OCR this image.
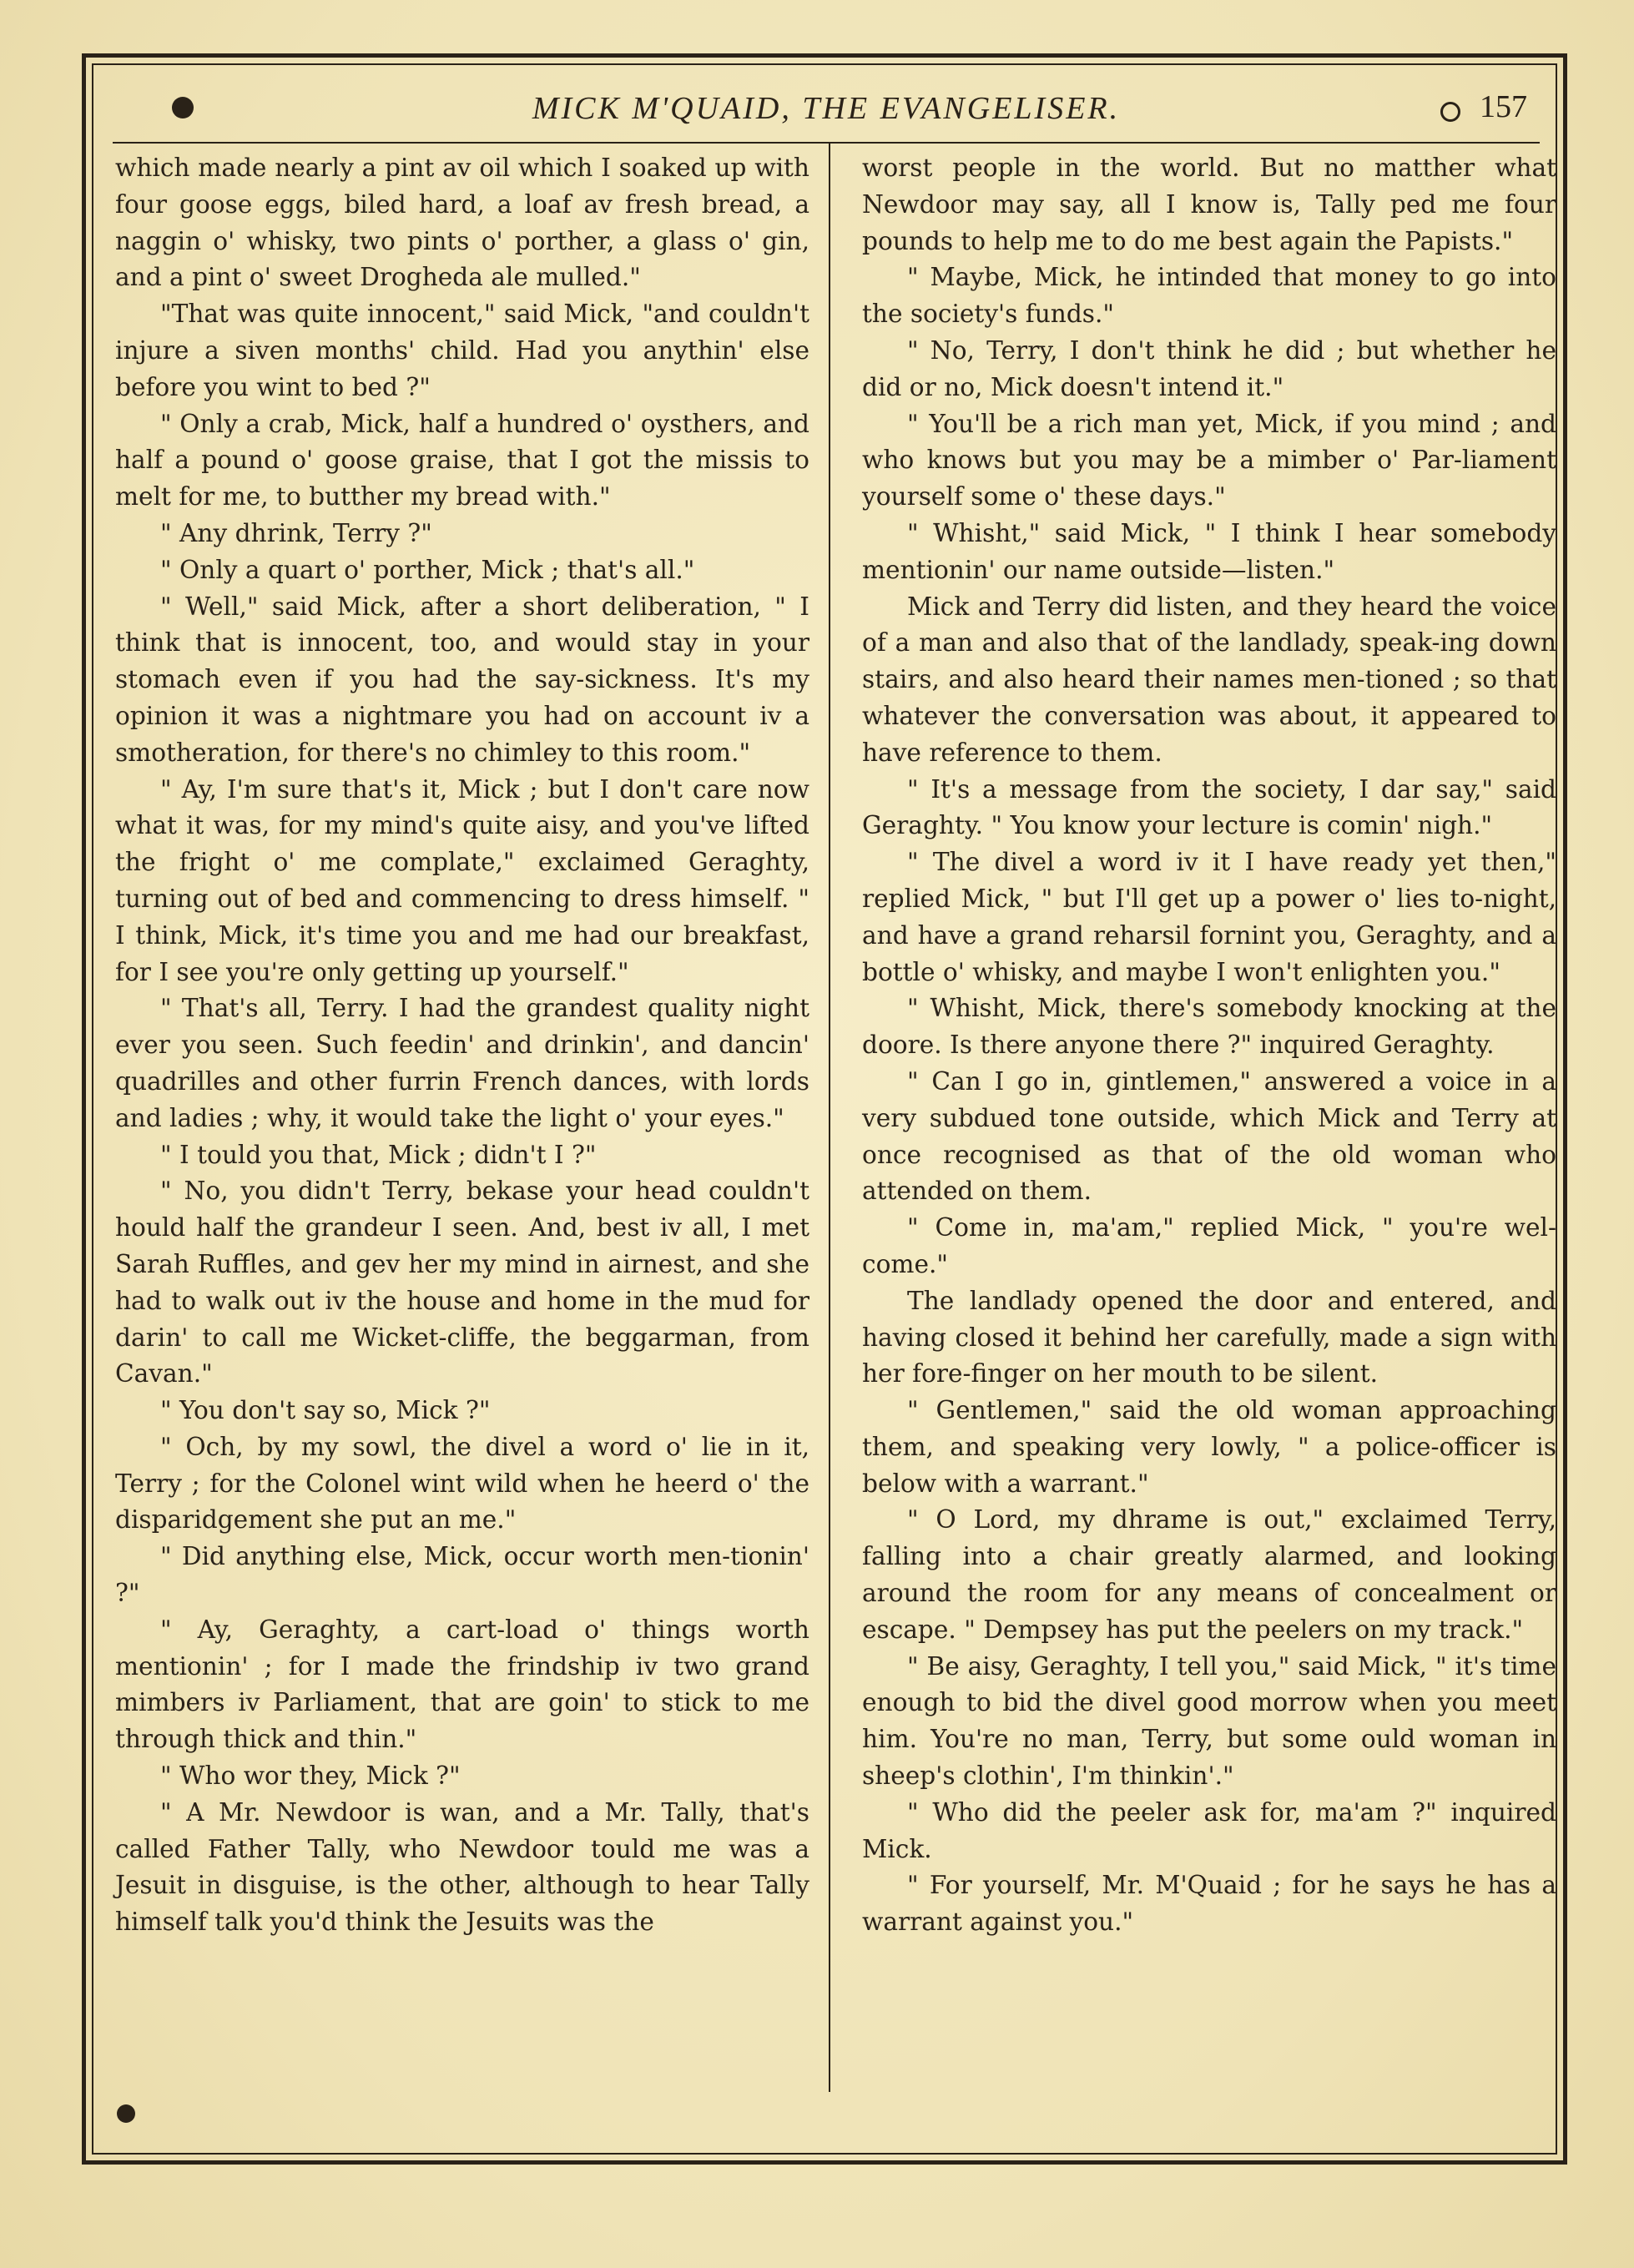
MICK M'QUAID, THE EVANGELISER.	157

which made nearly a pint av oil which I soaked up with four goose eggs, biled hard, a loaf av fresh bread, a naggin o' whisky, two pints o' porther, a glass o' gin, and a pint o' sweet Drogheda ale mulled."

"That was quite innocent," said Mick, "and couldn't injure a siven months' child. Had you anythin' else before you wint to bed ?"

" Only a crab, Mick, half a hundred o' oysthers, and half a pound o' goose graise, that I got the missis to melt for me, to butther my bread with."

" Any dhrink, Terry ?"

" Only a quart o' porther, Mick ; that's all."

" Well," said Mick, after a short deliberation, " I think that is innocent, too, and would stay in your stomach even if you had the say-sickness. It's my opinion it was a nightmare you had on account iv a smotheration, for there's no chimley to this room."

" Ay, I'm sure that's it, Mick ; but I don't care now what it was, for my mind's quite aisy, and you've lifted the fright o' me complate," exclaimed Geraghty, turning out of bed and commencing to dress himself. " I think, Mick, it's time you and me had our breakfast, for I see you're only getting up yourself."

" That's all, Terry. I had the grandest quality night ever you seen. Such feedin' and drinkin', and dancin' quadrilles and other furrin French dances, with lords and ladies ; why, it would take the light o' your eyes."

" I tould you that, Mick ; didn't I ?"

" No, you didn't Terry, bekase your head couldn't hould half the grandeur I seen. And, best iv all, I met Sarah Ruffles, and gev her my mind in airnest, and she had to walk out iv the house and home in the mud for darin' to call me Wicket-cliffe, the beggarman, from Cavan."

" You don't say so, Mick ?"

" Och, by my sowl, the divel a word o' lie in it, Terry ; for the Colonel wint wild when he heerd o' the disparidgement she put an me."

" Did anything else, Mick, occur worth men-tionin' ?"

" Ay, Geraghty, a cart-load o' things worth mentionin' ; for I made the frindship iv two grand mimbers iv Parliament, that are goin' to stick to me through thick and thin."

" Who wor they, Mick ?"

" A Mr. Newdoor is wan, and a Mr. Tally, that's called Father Tally, who Newdoor tould me was a Jesuit in disguise, is the other, although to hear Tally himself talk you'd think the Jesuits was the

worst people in the world. But no matther what Newdoor may say, all I know is, Tally ped me four pounds to help me to do me best again the Papists."

" Maybe, Mick, he intinded that money to go into the society's funds."

" No, Terry, I don't think he did ; but whether he did or no, Mick doesn't intend it."

" You'll be a rich man yet, Mick, if you mind ; and who knows but you may be a mimber o' Par-liament yourself some o' these days."

" Whisht," said Mick, " I think I hear somebody mentionin' our name outside—listen."

Mick and Terry did listen, and they heard the voice of a man and also that of the landlady, speak-ing down stairs, and also heard their names men-tioned ; so that whatever the conversation was about, it appeared to have reference to them.

" It's a message from the society, I dar say," said Geraghty. " You know your lecture is comin' nigh."

" The divel a word iv it I have ready yet then," replied Mick, " but I'll get up a power o' lies to-night, and have a grand reharsil fornint you, Geraghty, and a bottle o' whisky, and maybe I won't enlighten you."

" Whisht, Mick, there's somebody knocking at the doore. Is there anyone there ?" inquired Geraghty.

" Can I go in, gintlemen," answered a voice in a very subdued tone outside, which Mick and Terry at once recognised as that of the old woman who attended on them.

" Come in, ma'am," replied Mick, " you're wel-come."

The landlady opened the door and entered, and having closed it behind her carefully, made a sign with her fore-finger on her mouth to be silent.

" Gentlemen," said the old woman approaching them, and speaking very lowly, " a police-officer is below with a warrant."

" O Lord, my dhrame is out," exclaimed Terry, falling into a chair greatly alarmed, and looking around the room for any means of concealment or escape. " Dempsey has put the peelers on my track."

" Be aisy, Geraghty, I tell you," said Mick, " it's time enough to bid the divel good morrow when you meet him. You're no man, Terry, but some ould woman in sheep's clothin', I'm thinkin'."

" Who did the peeler ask for, ma'am ?" inquired Mick.

" For yourself, Mr. M'Quaid ; for he says he has a warrant against you."
